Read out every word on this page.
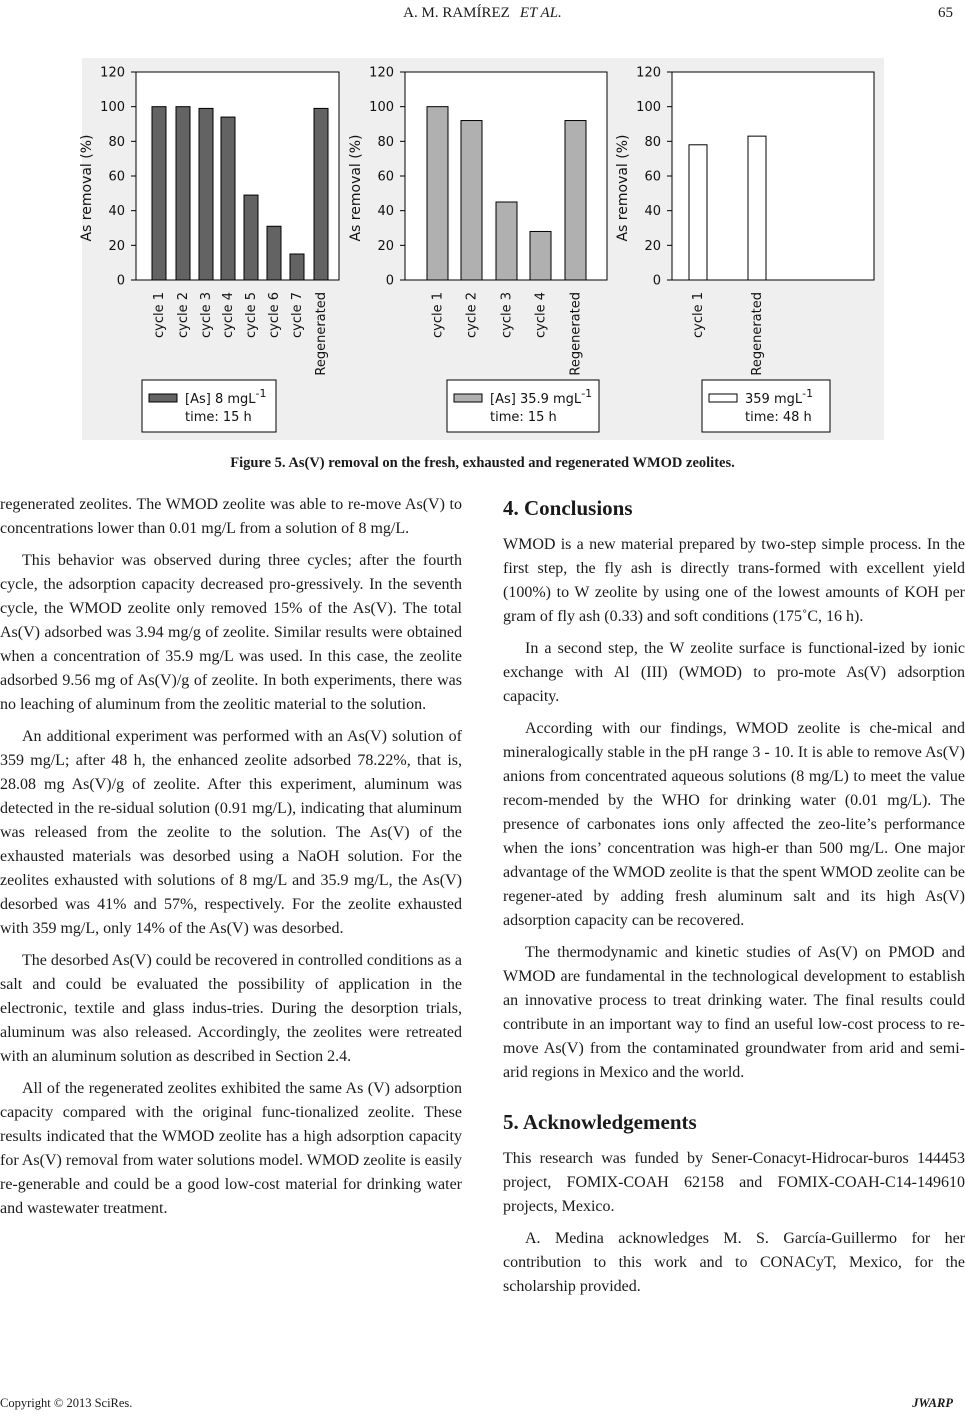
A. M. RAMÍREZ ET AL.	65
0
20
40
60
80
100
120
As removal (%)
cycle 1 cycle 2 cycle 3 cycle 4 cycle 5 cycle 6 cycle 7 Regenerated
[As] 8 mgL$^{-1}$
time: 15 h
0
20
40
60
80
100
120
As removal (%)
cycle 1 cycle 2 cycle 3 cycle 4 Regenerated
[As] 35.9 mgL$^{-1}$
time: 15 h
0
20
40
60
80
100
120
As removal (%)
cycle 1	Regenerated
359 mgL$^{-1}$
time: 48 h
Figure 5. As(V) removal on the fresh, exhausted and regenerated WMOD zeolites.

regenerated zeolites. The WMOD zeolite was able to re-move As(V) to concentrations lower than 0.01 mg/L from a solution of 8 mg/L.

This behavior was observed during three cycles; after the fourth cycle, the adsorption capacity decreased pro-gressively. In the seventh cycle, the WMOD zeolite only removed 15% of the As(V). The total As(V) adsorbed was 3.94 mg/g of zeolite. Similar results were obtained when a concentration of 35.9 mg/L was used. In this case, the zeolite adsorbed 9.56 mg of As(V)/g of zeolite. In both experiments, there was no leaching of aluminum from the zeolitic material to the solution.

An additional experiment was performed with an As(V) solution of 359 mg/L; after 48 h, the enhanced zeolite adsorbed 78.22%, that is, 28.08 mg As(V)/g of zeolite. After this experiment, aluminum was detected in the re-sidual solution (0.91 mg/L), indicating that aluminum was released from the zeolite to the solution. The As(V) of the exhausted materials was desorbed using a NaOH solution. For the zeolites exhausted with solutions of 8 mg/L and 35.9 mg/L, the As(V) desorbed was 41% and 57%, respectively. For the zeolite exhausted with 359 mg/L, only 14% of the As(V) was desorbed.

The desorbed As(V) could be recovered in controlled conditions as a salt and could be evaluated the possibility of application in the electronic, textile and glass indus-tries. During the desorption trials, aluminum was also released. Accordingly, the zeolites were retreated with an aluminum solution as described in Section 2.4.

All of the regenerated zeolites exhibited the same As (V) adsorption capacity compared with the original func-tionalized zeolite. These results indicated that the WMOD zeolite has a high adsorption capacity for As(V) removal from water solutions model. WMOD zeolite is easily re-generable and could be a good low-cost material for drinking water and wastewater treatment.

4. Conclusions

WMOD is a new material prepared by two-step simple process. In the first step, the fly ash is directly trans-formed with excellent yield (100%) to W zeolite by using one of the lowest amounts of KOH per gram of fly ash (0.33) and soft conditions (175˚C, 16 h).

In a second step, the W zeolite surface is functional-ized by ionic exchange with Al (III) (WMOD) to pro-mote As(V) adsorption capacity.

According with our findings, WMOD zeolite is che-mical and mineralogically stable in the pH range 3 - 10. It is able to remove As(V) anions from concentrated aqueous solutions (8 mg/L) to meet the value recom-mended by the WHO for drinking water (0.01 mg/L). The presence of carbonates ions only affected the zeo-lite’s performance when the ions’ concentration was high-er than 500 mg/L. One major advantage of the WMOD zeolite is that the spent WMOD zeolite can be regener-ated by adding fresh aluminum salt and its high As(V) adsorption capacity can be recovered.

The thermodynamic and kinetic studies of As(V) on PMOD and WMOD are fundamental in the technological development to establish an innovative process to treat drinking water. The final results could contribute in an important way to find an useful low-cost process to re-move As(V) from the contaminated groundwater from arid and semi-arid regions in Mexico and the world.

5. Acknowledgements

This research was funded by Sener-Conacyt-Hidrocar-buros 144453 project, FOMIX-COAH 62158 and FOMIX-COAH-C14-149610 projects, Mexico.

A. Medina acknowledges M. S. García-Guillermo for her contribution to this work and to CONACyT, Mexico, for the scholarship provided.

Copyright © 2013 SciRes.	JWARP
